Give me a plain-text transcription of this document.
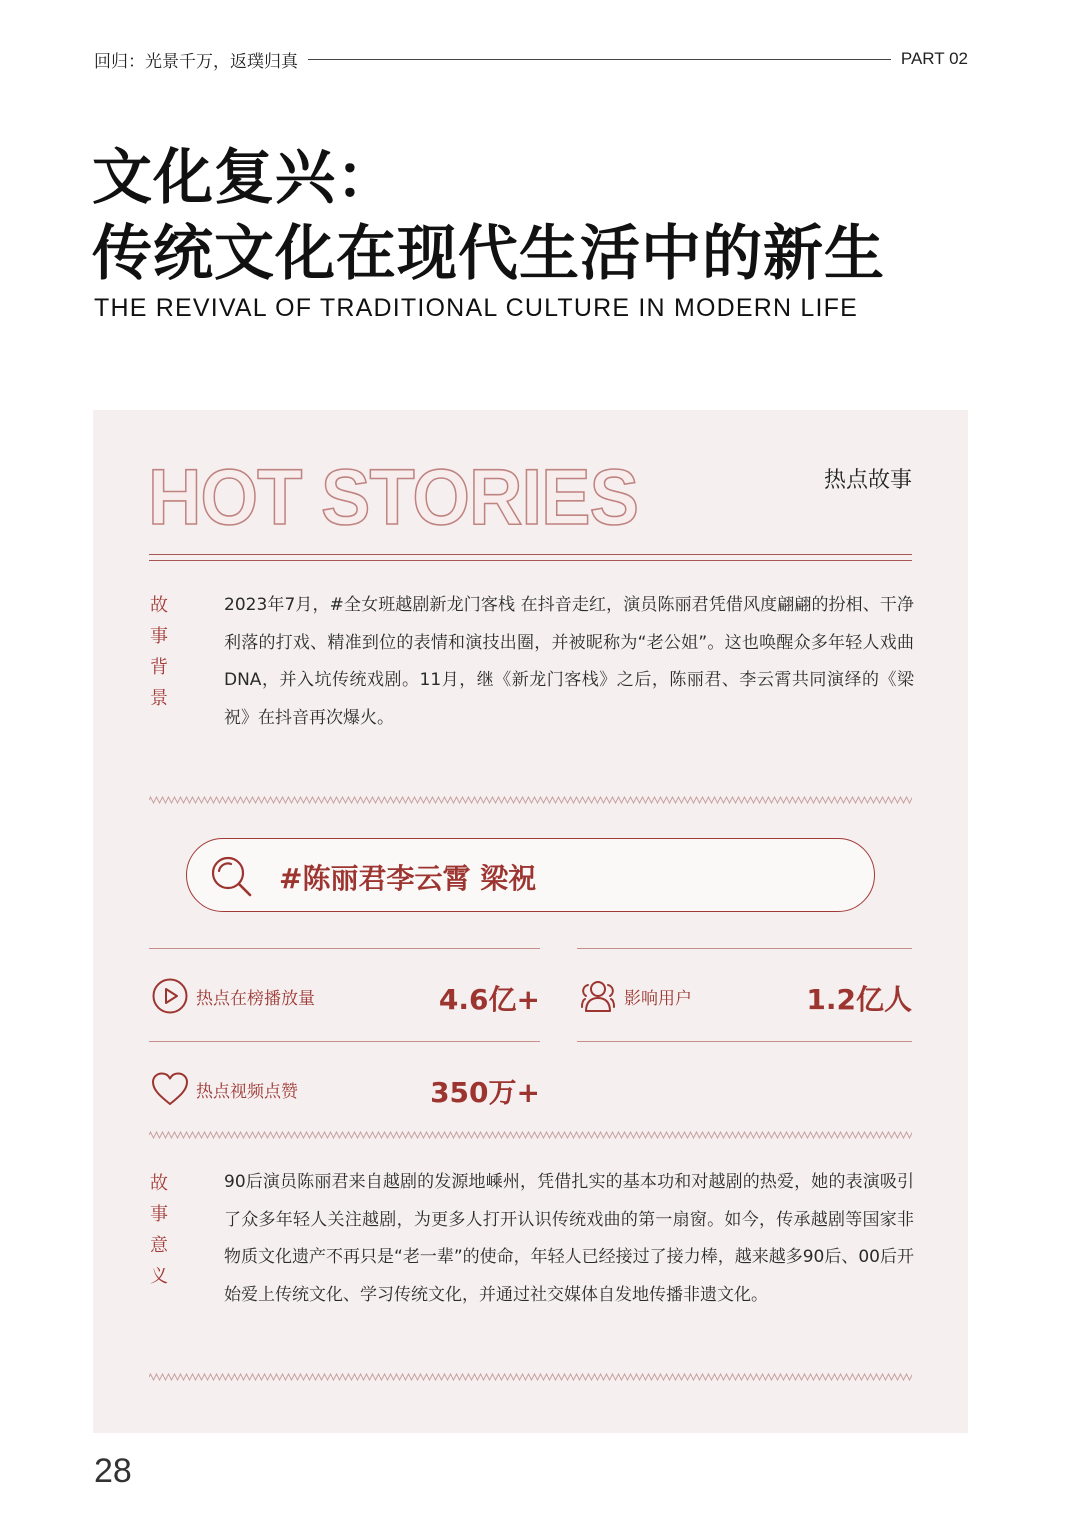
回归：光景千万，返璞归真	PART 02
文化复兴：
传统文化在现代生活中的新生
THE REVIVAL OF TRADITIONAL CULTURE IN MODERN LIFE
HOT STORIES	热点故事
故
事
背
景
2023年7月，#全女班越剧新龙门客栈 在抖音走红，演员陈丽君凭借风度翩翩的扮相、干净利落的打戏、精准到位的表情和演技出圈，并被昵称为“老公姐”。这也唤醒众多年轻人戏曲DNA，并入坑传统戏剧。11月，继《新龙门客栈》之后，陈丽君、李云霄共同演绎的《梁祝》在抖音再次爆火。
#陈丽君李云霄 梁祝
热点在榜播放量	4.6亿+	影响用户	1.2亿人
热点视频点赞	350万+
故
事
意
义
90后演员陈丽君来自越剧的发源地嵊州，凭借扎实的基本功和对越剧的热爱，她的表演吸引了众多年轻人关注越剧，为更多人打开认识传统戏曲的第一扇窗。如今，传承越剧等国家非物质文化遗产不再只是“老一辈”的使命，年轻人已经接过了接力棒，越来越多90后、00后开始爱上传统文化、学习传统文化，并通过社交媒体自发地传播非遗文化。
28
